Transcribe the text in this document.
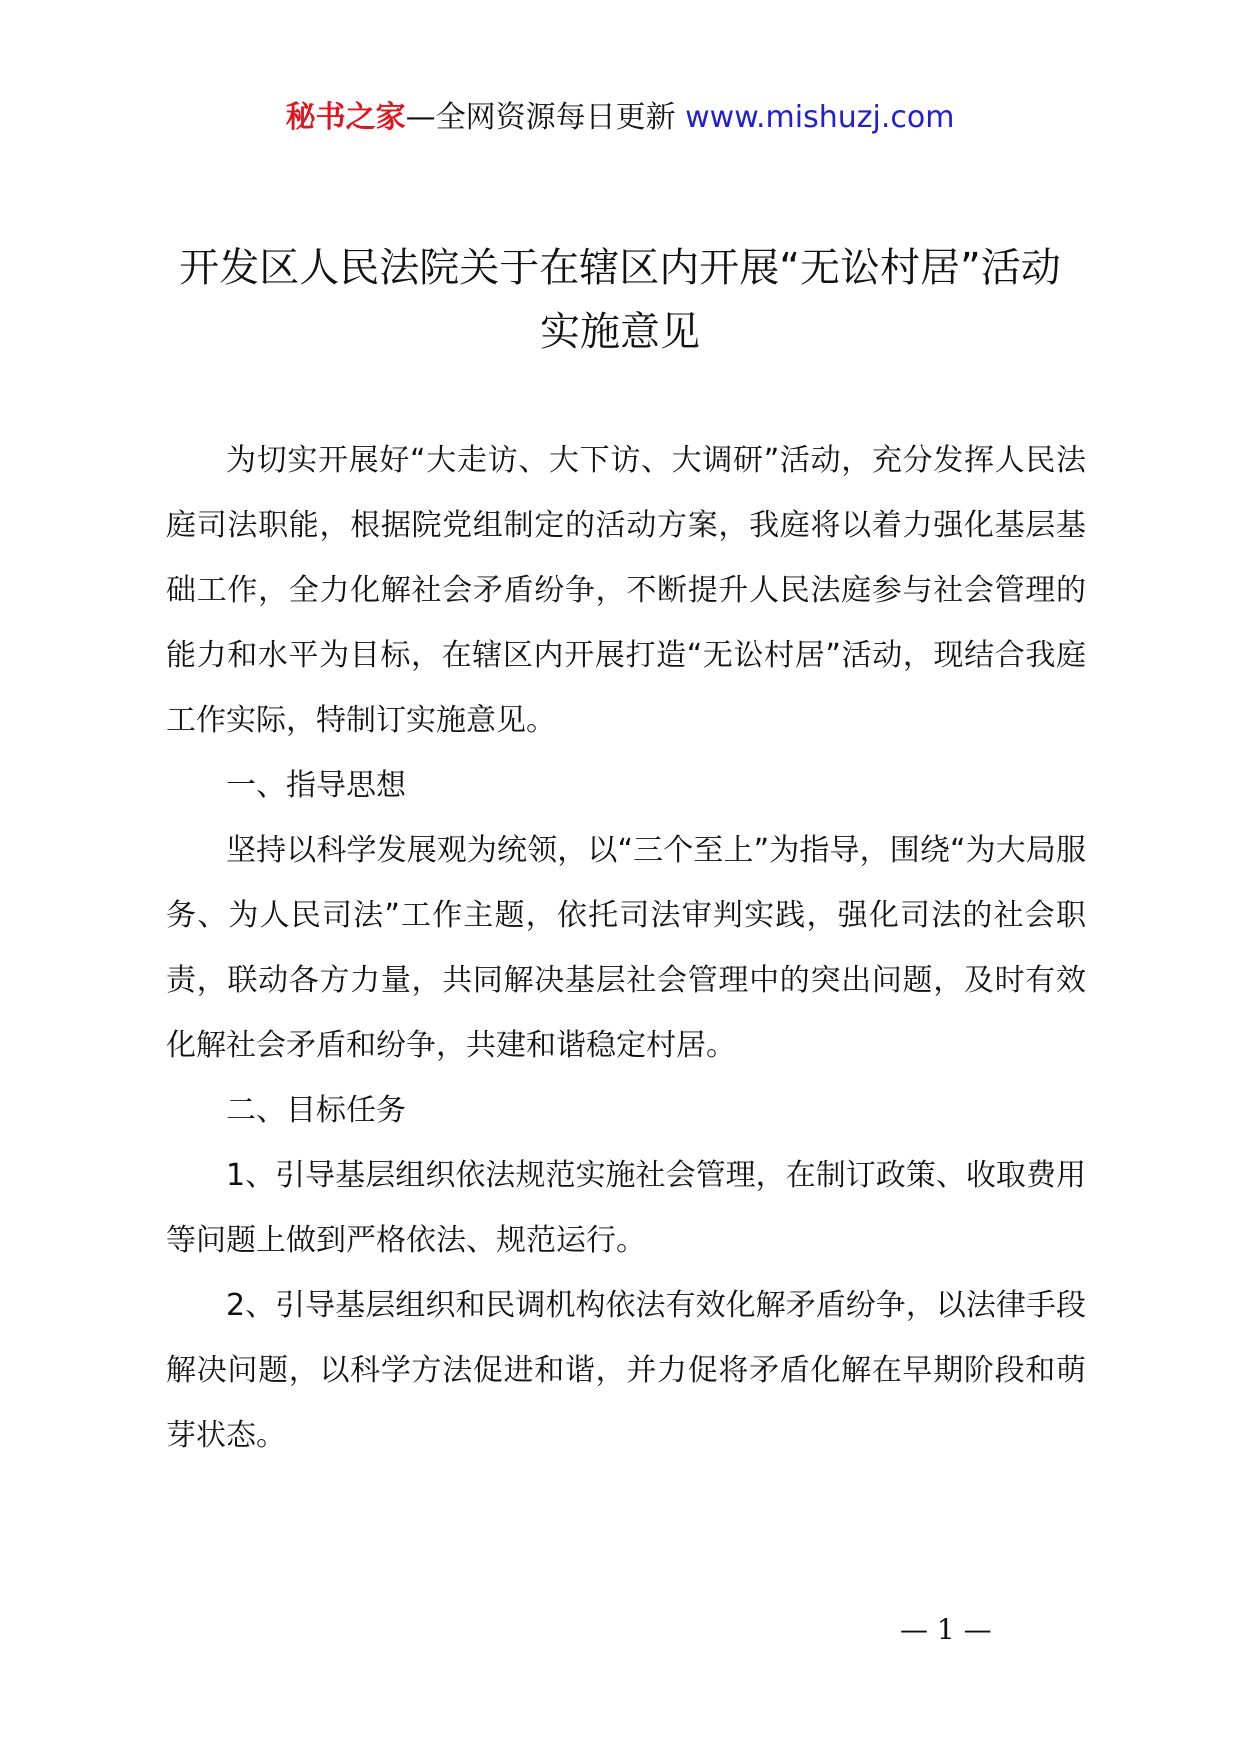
秘书之家—全网资源每日更新 www.mishuzj.com
开发区人民法院关于在辖区内开展“无讼村居”活动实施意见

为切实开展好“大走访、大下访、大调研”活动，充分发挥人民法庭司法职能，根据院党组制定的活动方案，我庭将以着力强化基层基础工作，全力化解社会矛盾纷争，不断提升人民法庭参与社会管理的能力和水平为目标，在辖区内开展打造“无讼村居”活动，现结合我庭工作实际，特制订实施意见。

一、指导思想

坚持以科学发展观为统领，以“三个至上”为指导，围绕“为大局服务、为人民司法”工作主题，依托司法审判实践，强化司法的社会职责，联动各方力量，共同解决基层社会管理中的突出问题，及时有效化解社会矛盾和纷争，共建和谐稳定村居。

二、目标任务

1、引导基层组织依法规范实施社会管理，在制订政策、收取费用等问题上做到严格依法、规范运行。

2、引导基层组织和民调机构依法有效化解矛盾纷争，以法律手段解决问题，以科学方法促进和谐，并力促将矛盾化解在早期阶段和萌芽状态。

— 1 —
